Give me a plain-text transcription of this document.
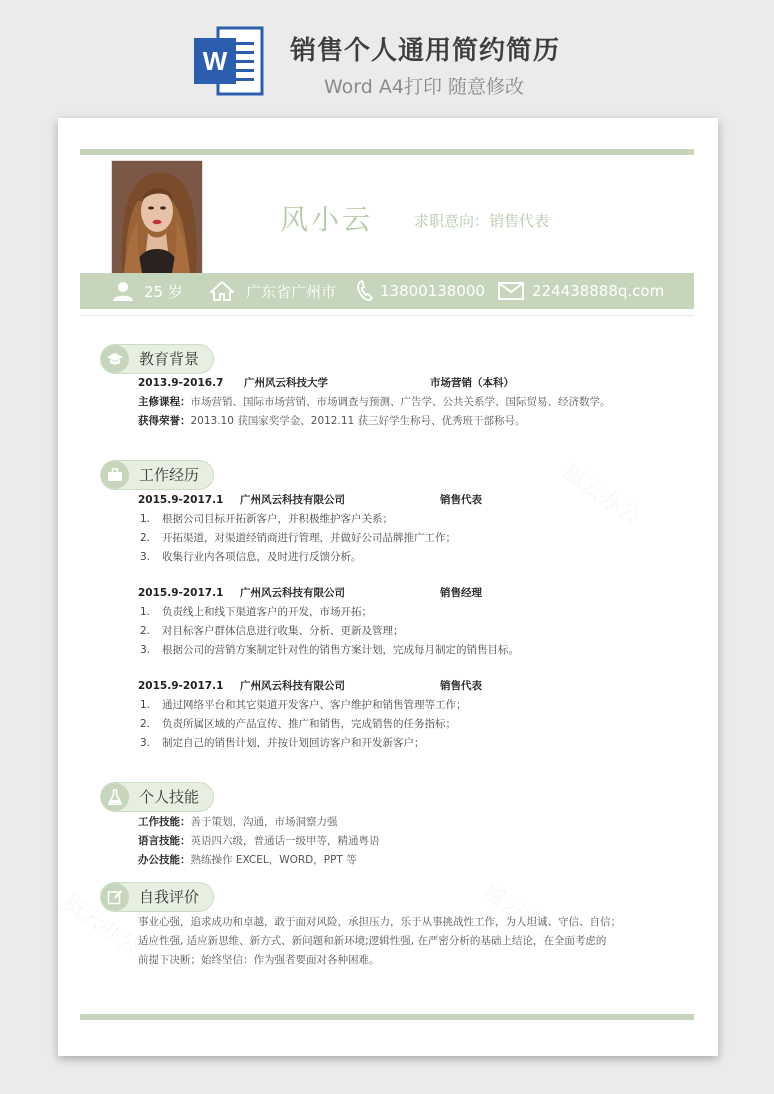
W 销售个人通用简约简历
Word A4打印 随意修改
风小云	求职意向：销售代表
25 岁	广东省广州市	13800138000	224438888q.com
教育背景
2013.9-2016.7 广州风云科技大学	市场营销（本科）
主修课程：市场营销、国际市场营销、市场调查与预测、广告学、公共关系学、国际贸易、经济数学。
获得荣誉：2013.10 获国家奖学金、2012.11 获三好学生称号、优秀班干部称号。
工作经历
2015.9-2017.1 广州风云科技有限公司	销售代表
1. 根据公司目标开拓新客户，并积极维护客户关系；
2. 开拓渠道，对渠道经销商进行管理，并做好公司品牌推广工作；
3. 收集行业内各项信息，及时进行反馈分析。
2015.9-2017.1 广州风云科技有限公司	销售经理
1. 负责线上和线下渠道客户的开发，市场开拓；
2. 对目标客户群体信息进行收集、分析、更新及管理；
3. 根据公司的营销方案制定针对性的销售方案计划，完成每月制定的销售目标。
2015.9-2017.1 广州风云科技有限公司	销售代表
1. 通过网络平台和其它渠道开发客户、客户维护和销售管理等工作；
2. 负责所属区域的产品宣传、推广和销售，完成销售的任务指标；
3. 制定自己的销售计划，并按计划回访客户和开发新客户；
个人技能
工作技能：善于策划，沟通，市场洞察力强
语言技能：英语四六级，普通话一级甲等，精通粤语
办公技能：熟练操作 EXCEL，WORD，PPT 等
自我评价
事业心强，追求成功和卓越，敢于面对风险，承担压力，乐于从事挑战性工作，为人坦诚、守信、自信；
适应性强, 适应新思维、新方式、新问题和新环境;逻辑性强, 在严密分析的基础上结论，在全面考虑的
前提下决断；始终坚信：作为强者要面对各种困难。
